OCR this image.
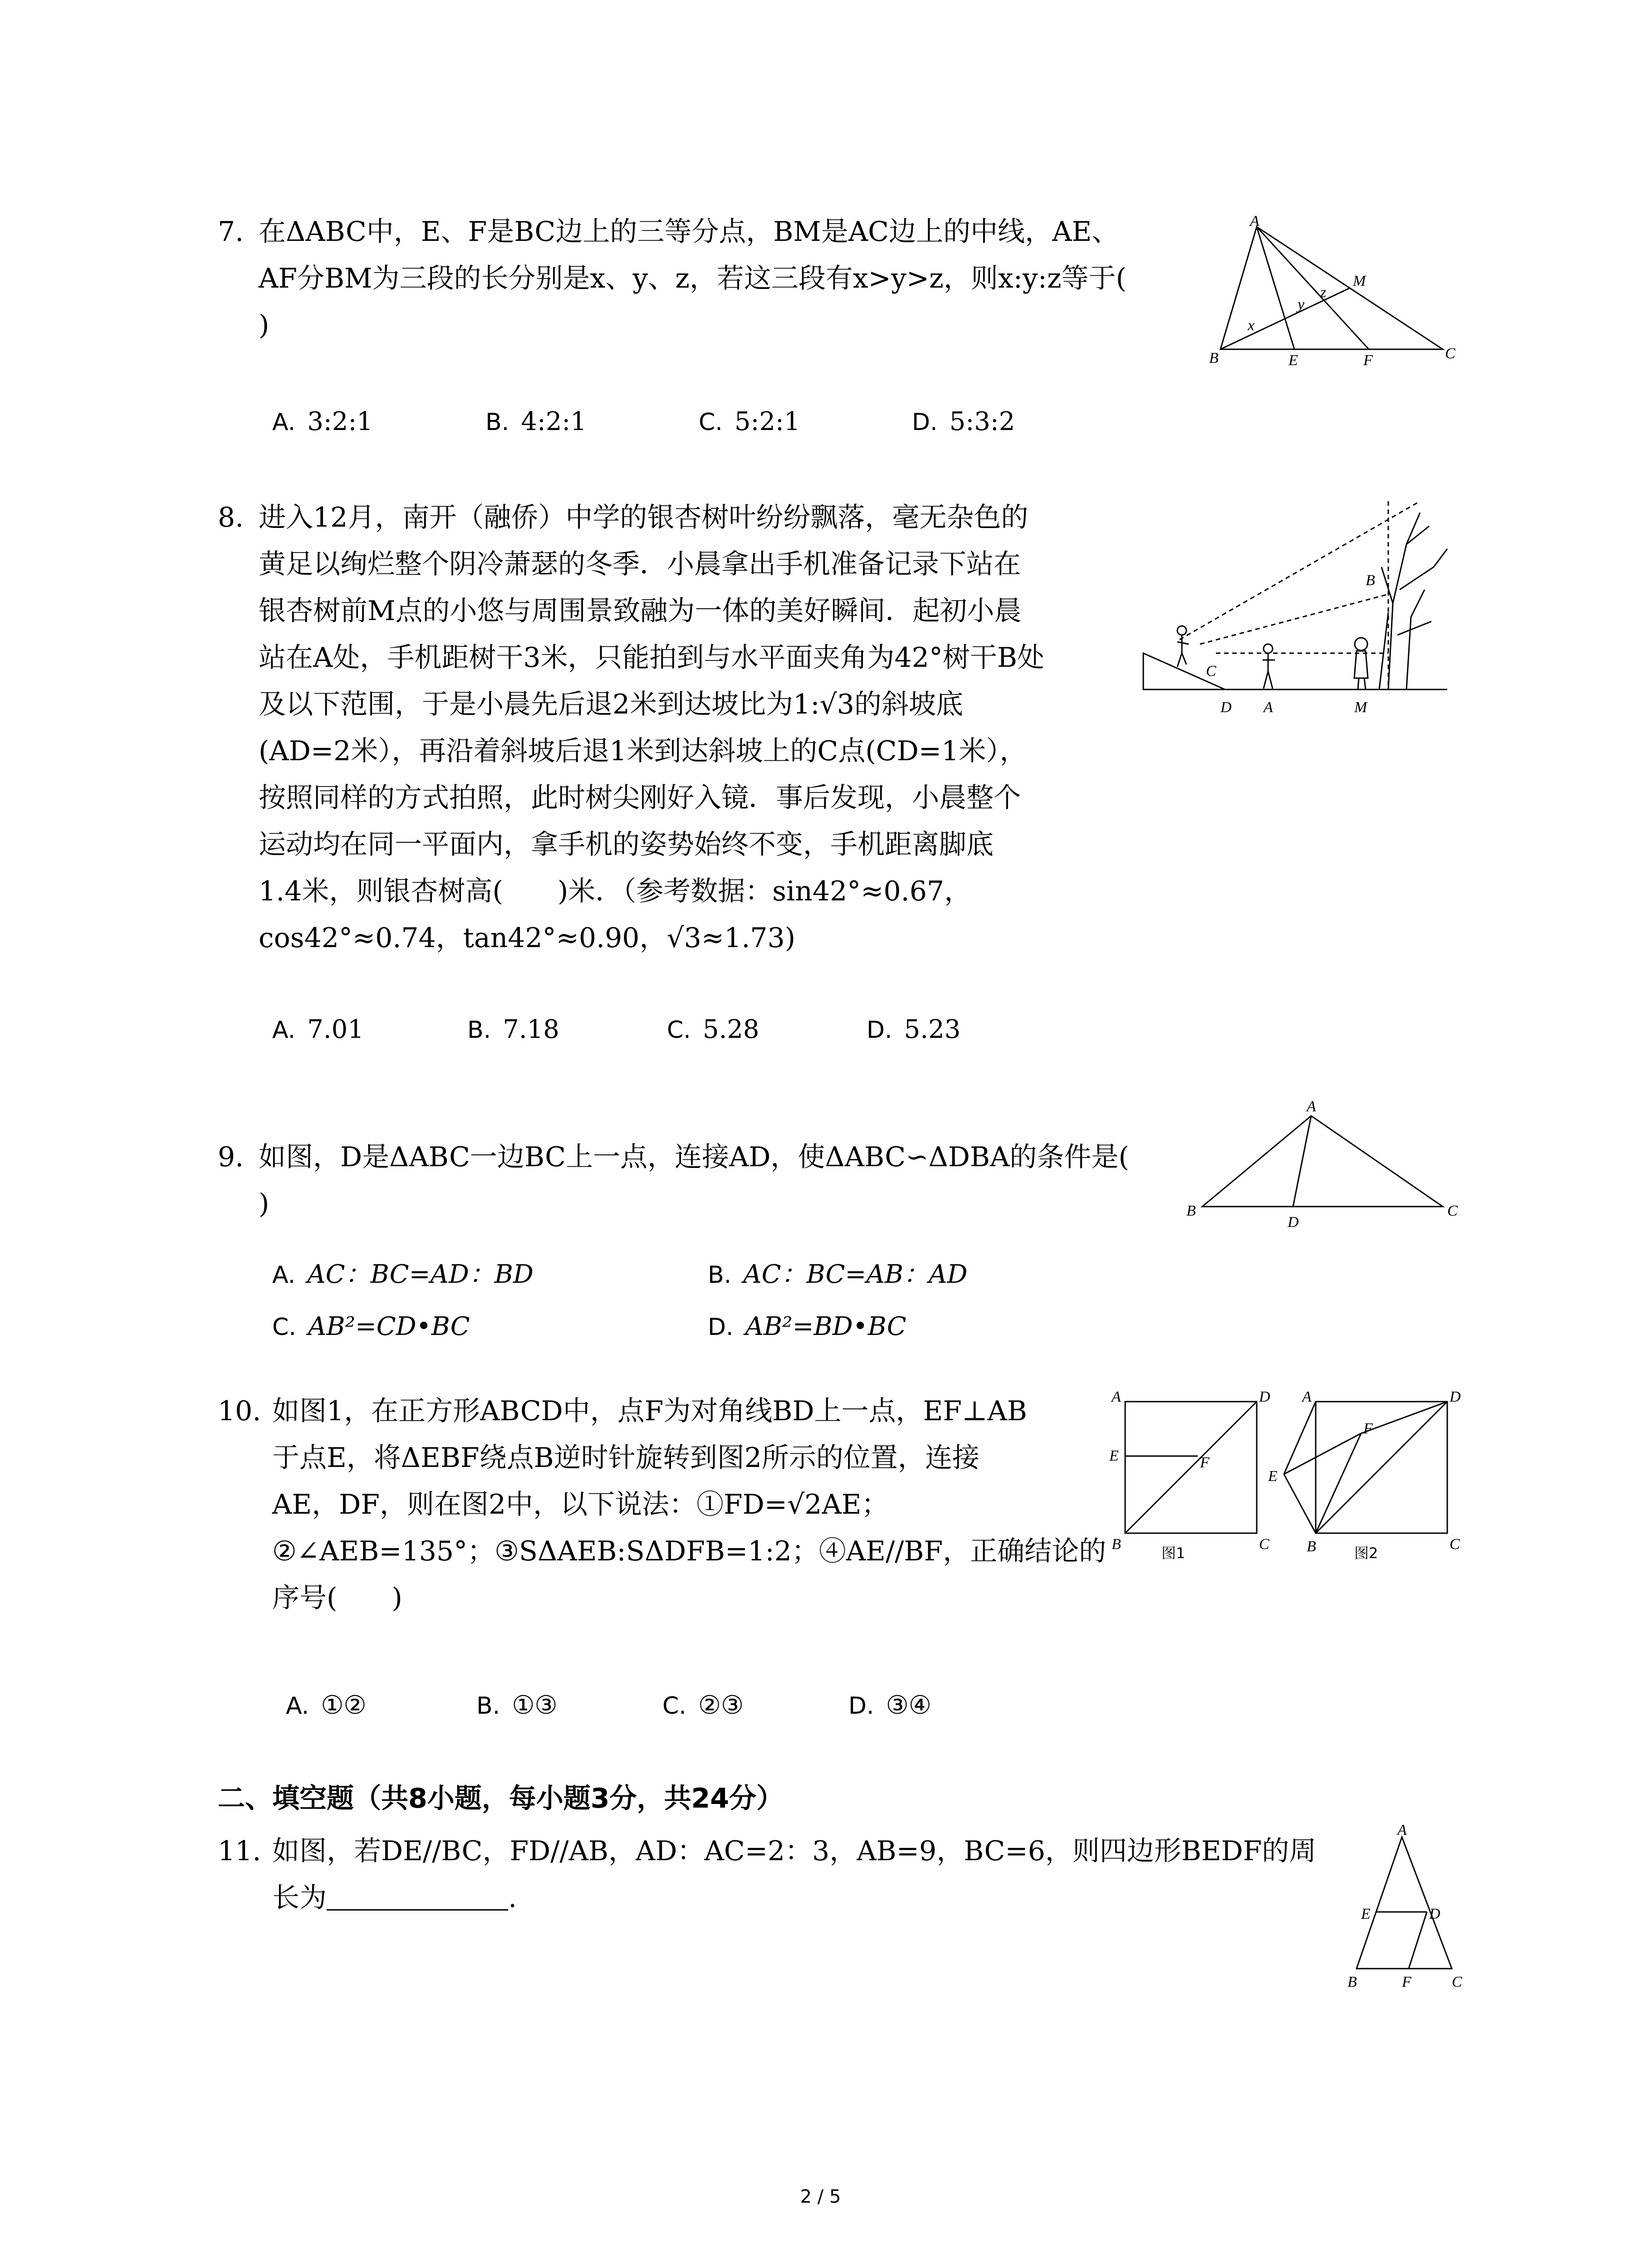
7. 在ΔABC中，E、F是BC边上的三等分点，BM是AC边上的中线，AE、
AF分BM为三段的长分别是x、y、z，若这三段有x>y>z，则x:y:z等于(
)
A. 3:2:1	B. 4:2:1	C. 5:2:1	D. 5:3:2
A
M
z
y
x
B	E	F	C
8. 进入12月，南开（融侨）中学的银杏树叶纷纷飘落，毫无杂色的
黄足以绚烂整个阴冷萧瑟的冬季．小晨拿出手机准备记录下站在
银杏树前M点的小悠与周围景致融为一体的美好瞬间．起初小晨
站在A处，手机距树干3米，只能拍到与水平面夹角为42°树干B处
及以下范围，于是小晨先后退2米到达坡比为1:√3的斜坡底
(AD=2米），再沿着斜坡后退1米到达斜坡上的C点(CD=1米），
按照同样的方式拍照，此时树尖刚好入镜．事后发现，小晨整个
运动均在同一平面内，拿手机的姿势始终不变，手机距离脚底
1.4米，则银杏树高(　　)米．（参考数据：sin42°≈0.67，
cos42°≈0.74，tan42°≈0.90，√3≈1.73)
A. 7.01	B. 7.18	C. 5.28	D. 5.23
B
C
D A	M
9. 如图，D是ΔABC一边BC上一点，连接AD，使ΔABC∽ΔDBA的条件是(
)
A. AC：BC=AD：BD	B. AC：BC=AB：AD
C. AB²=CD•BC	D. AB²=BD•BC
A
B
D
C
10. 如图1，在正方形ABCD中，点F为对角线BD上一点，EF⊥AB
于点E，将ΔEBF绕点B逆时针旋转到图2所示的位置，连接
AE，DF，则在图2中，以下说法：①FD=√2AE；
②∠AEB=135°；③SΔAEB:SΔDFB=1:2；④AE//BF，正确结论的
序号(　　)
A. ①②	B. ①③	C. ②③	D. ③④
A	D
E	F
B	C
图1
A	D
F
E
B	C
图2
二、填空题（共8小题，每小题3分，共24分）
11. 如图，若DE//BC，FD//AB，AD：AC=2：3，AB=9，BC=6，则四边形BEDF的周
长为	.
A
E	D
B	F	C
2 / 5
